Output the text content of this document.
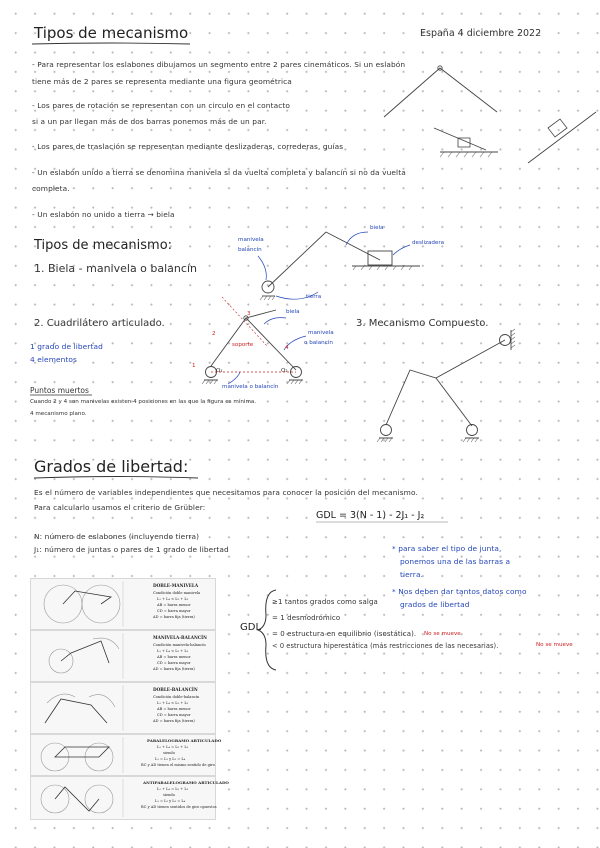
Tipos de mecanismo	España 4 diciembre 2022
- Para representar los eslabones dibujamos un segmento entre 2 pares cinemáticos. Si un eslabón
tiene más de 2 pares se representa mediante una figura geométrica
- Los pares de rotación se representan con un circulo en el contacto
si a un par llegan más de dos barras ponemos más de un par.
- Los pares de traslación se representan mediante deslizaderas, correderas, guías
- Un eslabón unido a tierra se denomina manivela si da vuelta completa y balancín si no da vuelta
completa.
- Un eslabón no unido a tierra → biela
Tipos de mecanismo:
1. Biela - manivela o balancín
manivela
balancín
biela
deslizadera
tierra
2. Cuadrilátero articulado.
1 grado de libertad
4 elementos
biela
soporte
manivela
o balancín
manivela o balancín
1
2
3
4
O₁	O₂
3. Mecanismo Compuesto.
Puntos muertos
Cuando 2 y 4 son manivelas existen 4 posiciones en las que la figura es mínima.
4 mecanismo plano.
Grados de libertad:
Es el número de variables independientes que necesitamos para conocer la posición del mecanismo.
Para calcularlo usamos el criterio de Grübler:
GDL = 3(N - 1) - 2J₁ - J₂
N: número de eslabones (incluyendo tierra)
J₁: número de juntas o pares de 1 grado de libertad	* para saber el tipo de junta,
ponemos una de las barras a
tierra.
* Nos deben dar tantos datos como
grados de libertad
GDL
≥1 tantos grados como salga
= 1 desmodrómico
= 0 estructura en equilibrio (isostática). No se mueve
< 0 estructura hiperestática (más restricciones de las necesarias).	No se mueve
DOBLE-MANIVELA
Condición doble manivela
L₁ + L₄ < L₂ + L₃
AB = barra menor
CD = barra mayor
AD = barra fija (tierra)
MANIVELA-BALANCÍN
Condición manivela-balancín
L₁ + L₄ < L₂ + L₃
AB = barra menor
CD = barra mayor
AD = barra fija (tierra)
DOBLE-BALANCÍN
Condición doble-balancín
L₁ + L₄ < L₂ + L₃
AB = barra menor
CD = barra mayor
AD = barra fija (tierra)
PARALELOGRAMO ARTICULADO
L₁ + L₄ = L₂ + L₃
siendo
L₁ = L₃ y L₂ = L₄
BC y AD tienen el mismo sentido de giro
ANTIPARALELOGRAMO ARTICULADO
L₁ + L₄ = L₂ + L₃
siendo
L₁ = L₃ y L₂ = L₄
BC y AD tienen sentidos de giro opuestos
